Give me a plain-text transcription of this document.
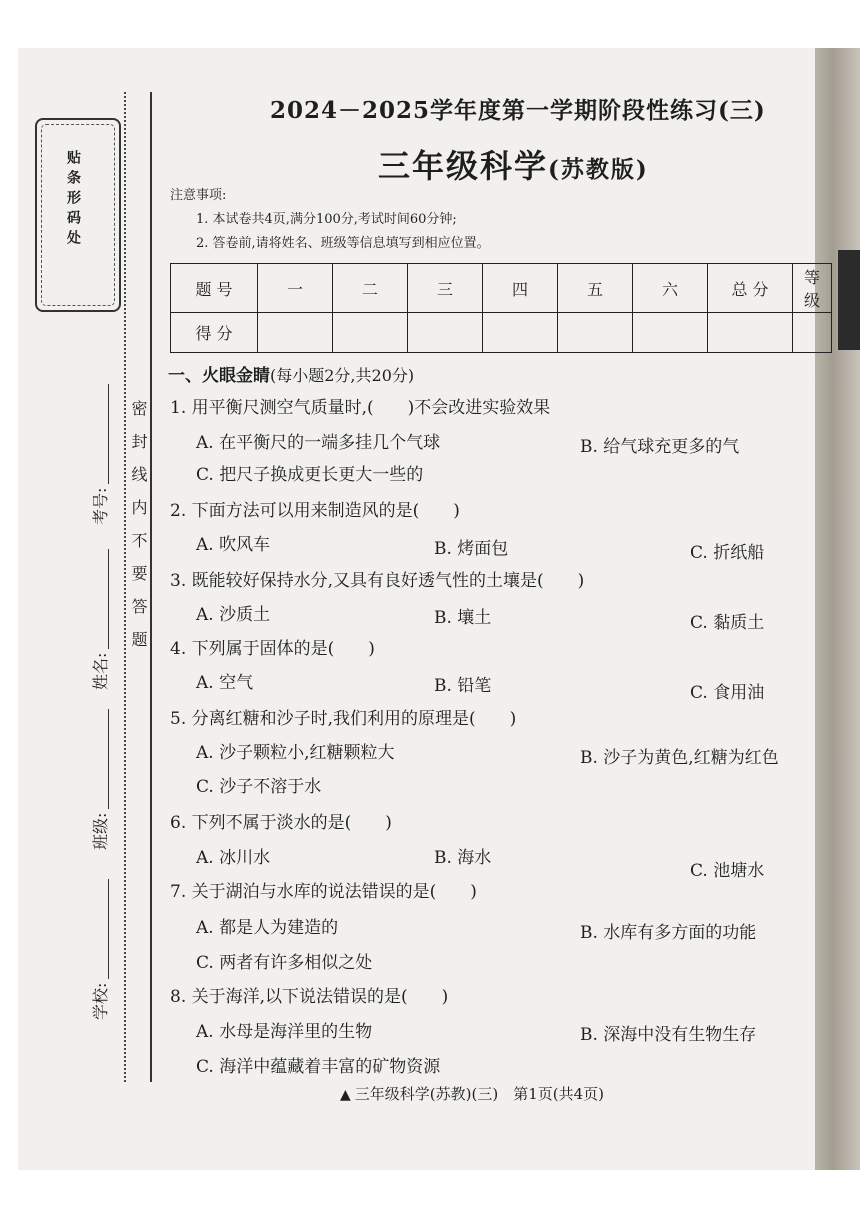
贴条形码处
密封线内不要答题
考号:
姓名:
班级:
学校:
2024－2025学年度第一学期阶段性练习(三)
三年级科学(苏教版)
注意事项:
1. 本试卷共4页,满分100分,考试时间60分钟;
2. 答卷前,请将姓名、班级等信息填写到相应位置。
题 号	一	二	三	四	五	六	总 分	等 级
得 分								
一、火眼金睛(每小题2分,共20分)
1. 用平衡尺测空气质量时,(　　)不会改进实验效果
A. 在平衡尺的一端多挂几个气球	B. 给气球充更多的气
C. 把尺子换成更长更大一些的
2. 下面方法可以用来制造风的是(　　)
A. 吹风车	B. 烤面包	C. 折纸船
3. 既能较好保持水分,又具有良好透气性的土壤是(　　)
A. 沙质土	B. 壤土	C. 黏质土
4. 下列属于固体的是(　　)
A. 空气	B. 铅笔	C. 食用油
5. 分离红糖和沙子时,我们利用的原理是(　　)
A. 沙子颗粒小,红糖颗粒大	B. 沙子为黄色,红糖为红色
C. 沙子不溶于水
6. 下列不属于淡水的是(　　)
A. 冰川水	B. 海水
C. 池塘水
7. 关于湖泊与水库的说法错误的是(　　)
A. 都是人为建造的	B. 水库有多方面的功能
C. 两者有许多相似之处
8. 关于海洋,以下说法错误的是(　　)
A. 水母是海洋里的生物	B. 深海中没有生物生存
C. 海洋中蕴藏着丰富的矿物资源
▲ 三年级科学(苏教)(三)　第1页(共4页)
